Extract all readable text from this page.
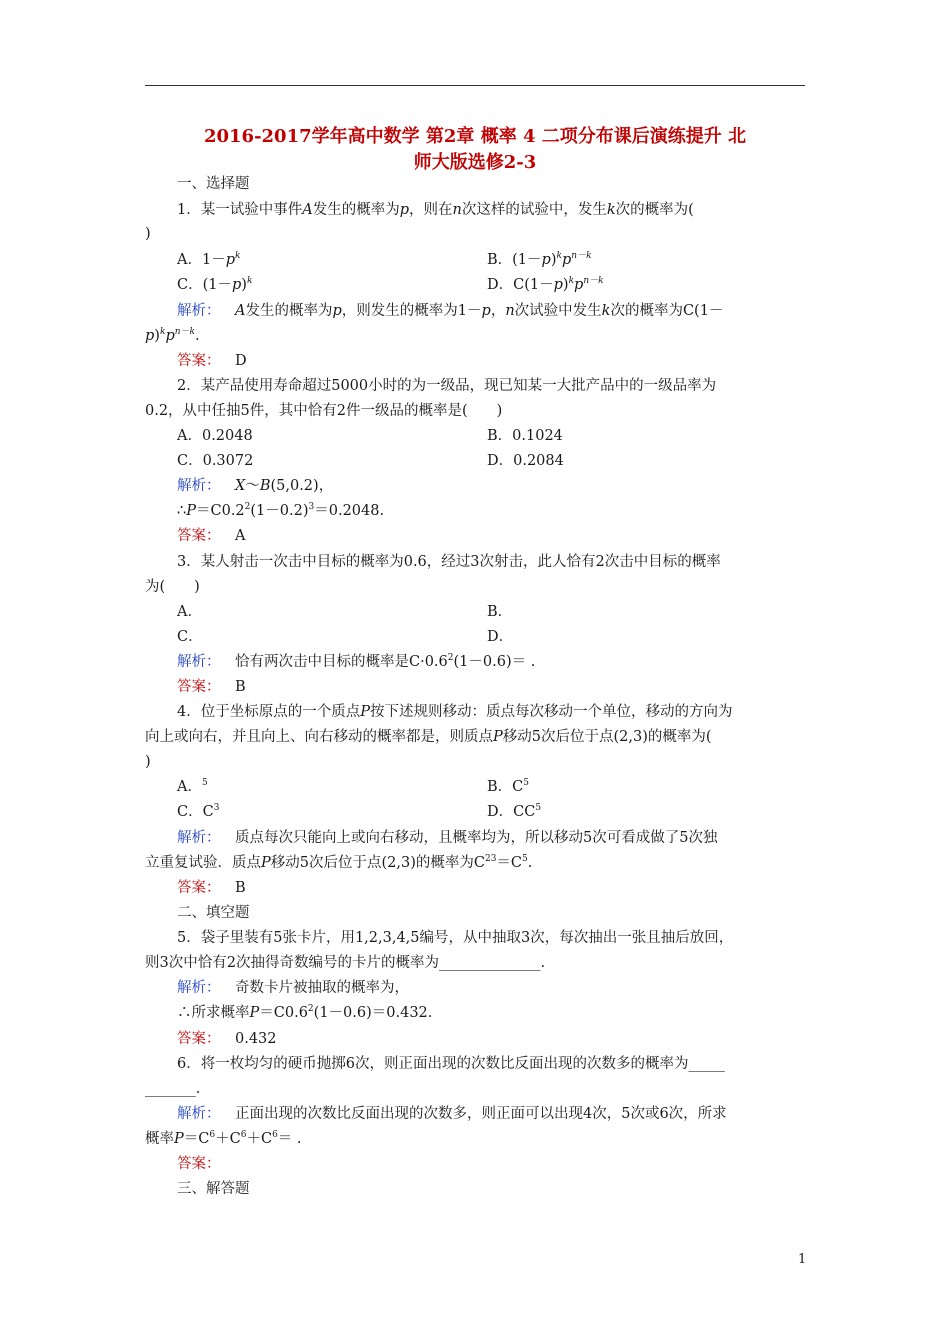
2016-2017学年高中数学 第2章 概率 4 二项分布课后演练提升 北
师大版选修2-3
一、选择题
1．某一试验中事件A发生的概率为p，则在n次这样的试验中，发生k次的概率为(
)
A．$1-p^k$	B．$(1-p)^kp^{n-k}$
C．$(1-p)^k$	D．$C(1-p)^kp^{n-k}$
解析：  A发生的概率为p，则发生的概率为1－p，n次试验中发生k次的概率为C(1－
$p)^kp^{n-k}$.
答案：  D
2．某产品使用寿命超过5000小时的为一级品，现已知某一大批产品中的一级品率为
0.2，从中任抽5件，其中恰有2件一级品的概率是(　　)
A．0.2048	B．0.1024
C．0.3072	D．0.2084
解析：  X～B(5,0.2)，
$\therefore P=C0.2^2(1-0.2)^3=0.2048$.
答案：  A
3．某人射击一次击中目标的概率为0.6，经过3次射击，此人恰有2次击中目标的概率
为(　　)
A．	B．
C．	D．
解析：  恰有两次击中目标的概率是$C\cdot 0.6^2(1-0.6)=$ .
答案：  B
4．位于坐标原点的一个质点P按下述规则移动：质点每次移动一个单位，移动的方向为
向上或向右，并且向上、向右移动的概率都是，则质点P移动5次后位于点(2,3)的概率为(
)
A．$^5$	B．$C^5$
C．$C^3$	D．$CC^5$
解析：  质点每次只能向上或向右移动，且概率均为，所以移动5次可看成做了5次独
立重复试验．质点P移动5次后位于点(2,3)的概率为$C^{23}=C^5$.
答案：  B
二、填空题
5．袋子里装有5张卡片，用1,2,3,4,5编号，从中抽取3次，每次抽出一张且抽后放回，
则3次中恰有2次抽得奇数编号的卡片的概率为______________.
解析：  奇数卡片被抽取的概率为，
∴所求概率$P=C0.6^2(1-0.6)=0.432$.
答案：  0.432
6．将一枚均匀的硬币抛掷6次，则正面出现的次数比反面出现的次数多的概率为_____
_______.
解析：  正面出现的次数比反面出现的次数多，则正面可以出现4次，5次或6次，所求
概率$P=C^6+C^6+C^6=$ .
答案：
三、解答题
1
